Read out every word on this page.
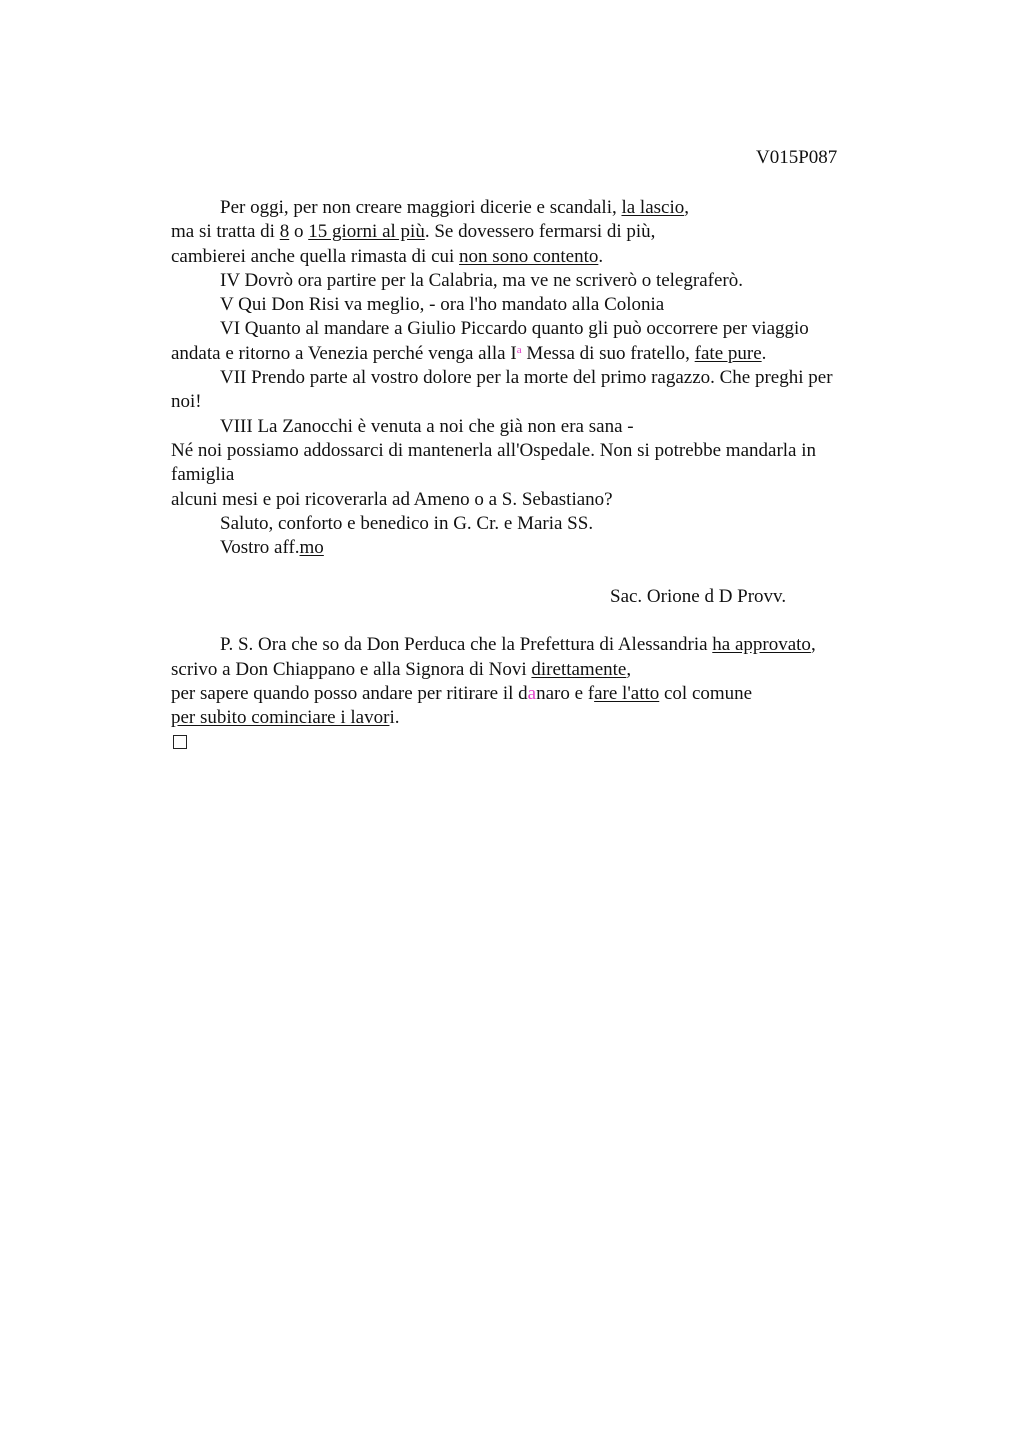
V015P087
Per oggi, per non creare maggiori dicerie e scandali, la lascio,
ma si tratta di 8 o 15 giorni al più. Se dovessero fermarsi di più,
cambierei anche quella rimasta di cui non sono contento.
IV Dovrò ora partire per la Calabria, ma ve ne scriverò o telegraferò.
V Qui Don Risi va meglio, - ora l'ho mandato alla Colonia
VI Quanto al mandare a Giulio Piccardo quanto gli può occorrere per viaggio
andata e ritorno a Venezia perché venga alla $I^a$ Messa di suo fratello, fate pure.
VII Prendo parte al vostro dolore per la morte del primo ragazzo. Che preghi per
noi!
VIII La Zanocchi è venuta a noi che già non era sana -
Né noi possiamo addossarci di mantenerla all'Ospedale. Non si potrebbe mandarla in
famiglia
alcuni mesi e poi ricoverarla ad Ameno o a S. Sebastiano?
Saluto, conforto e benedico in G. Cr. e Maria SS.
Vostro aff.mo
Sac. Orione d D Provv.
P. S. Ora che so da Don Perduca che la Prefettura di Alessandria ha approvato,
scrivo a Don Chiappano e alla Signora di Novi direttamente,
per sapere quando posso andare per ritirare il danaro e fare l'atto col comune
per subito cominciare i lavori.
